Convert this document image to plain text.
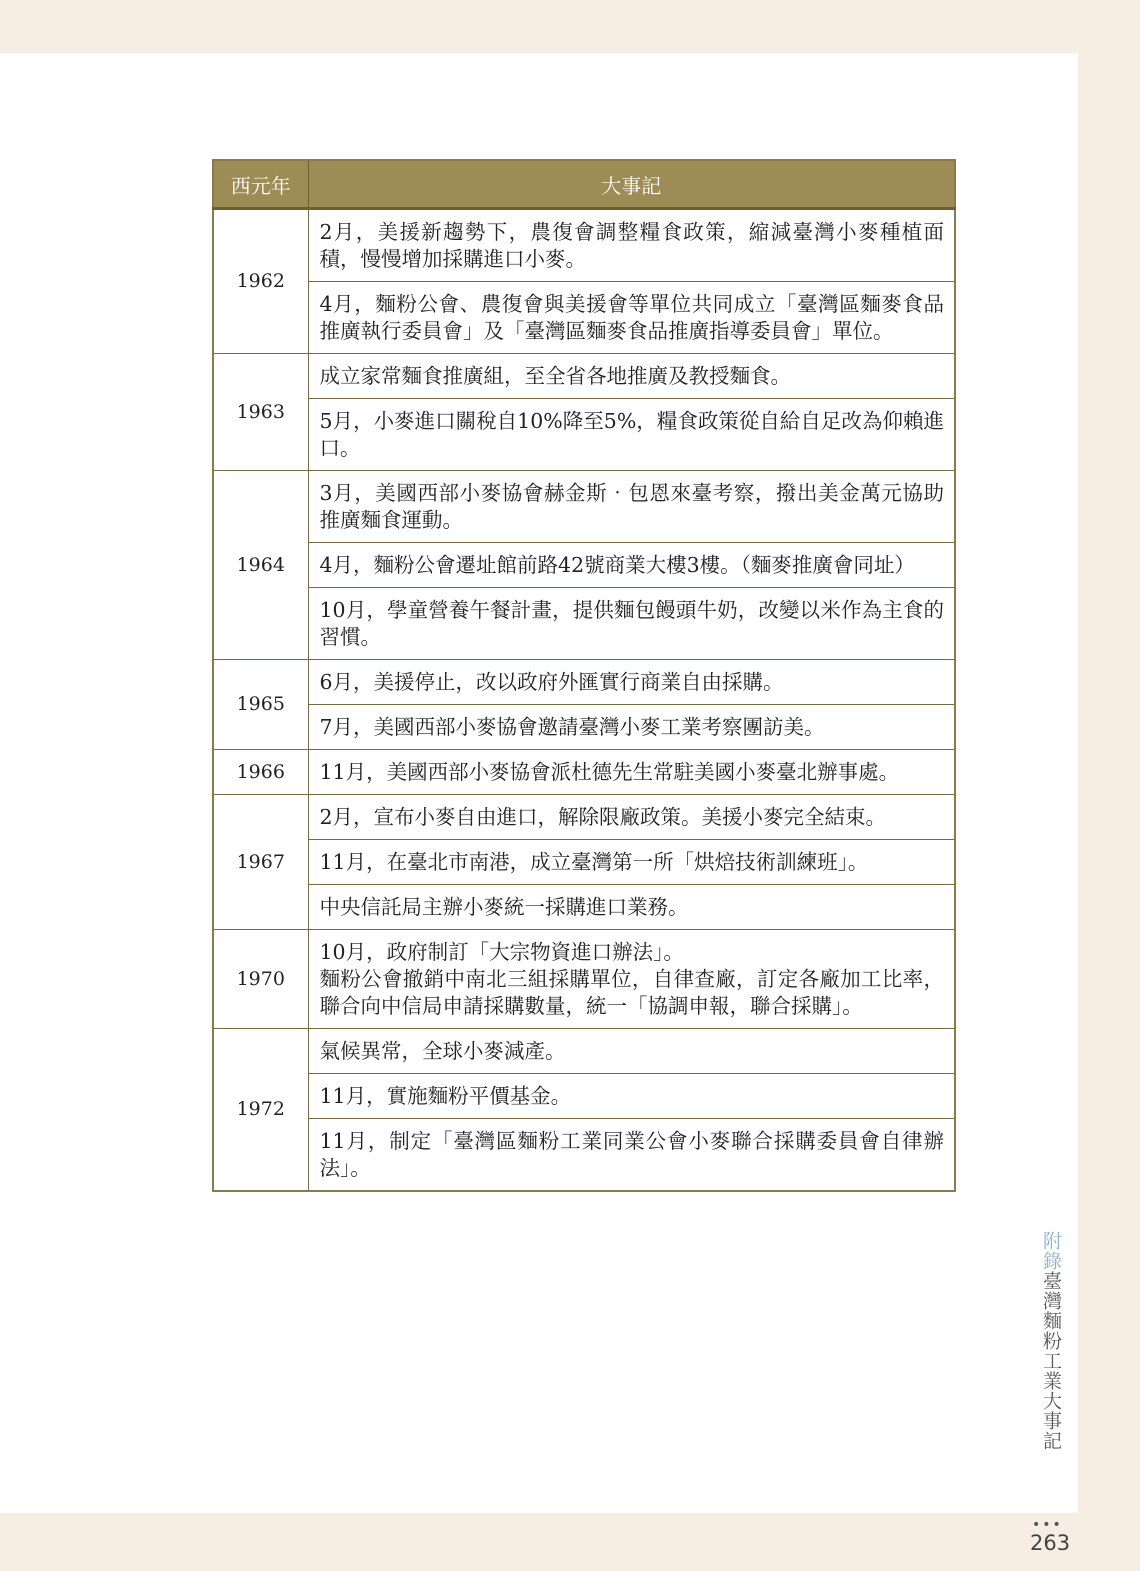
西元年	大事記
1962	2月，美援新趨勢下，農復會調整糧食政策，縮減臺灣小麥種植面積，慢慢增加採購進口小麥。
	4月，麵粉公會、農復會與美援會等單位共同成立「臺灣區麵麥食品推廣執行委員會」及「臺灣區麵麥食品推廣指導委員會」單位。
1963	成立家常麵食推廣組，至全省各地推廣及教授麵食。
	5月，小麥進口關稅自10%降至5%，糧食政策從自給自足改為仰賴進口。
1964	3月，美國西部小麥協會赫金斯‧包恩來臺考察，撥出美金萬元協助推廣麵食運動。
	4月，麵粉公會遷址館前路42號商業大樓3樓。（麵麥推廣會同址）
	10月，學童營養午餐計畫，提供麵包饅頭牛奶，改變以米作為主食的習慣。
1965	6月，美援停止，改以政府外匯實行商業自由採購。
	7月，美國西部小麥協會邀請臺灣小麥工業考察團訪美。
1966	11月，美國西部小麥協會派杜德先生常駐美國小麥臺北辦事處。
1967	2月，宣布小麥自由進口，解除限廠政策。美援小麥完全結束。
	11月，在臺北市南港，成立臺灣第一所「烘焙技術訓練班」。
	中央信託局主辦小麥統一採購進口業務。
1970	10月，政府制訂「大宗物資進口辦法」。
麵粉公會撤銷中南北三組採購單位，自律查廠，訂定各廠加工比率，聯合向中信局申請採購數量，統一「協調申報，聯合採購」。
1972	氣候異常，全球小麥減產。
	11月，實施麵粉平價基金。
	11月，制定「臺灣區麵粉工業同業公會小麥聯合採購委員會自律辦法」。
附錄臺灣麵粉工業大事記
•••
263
